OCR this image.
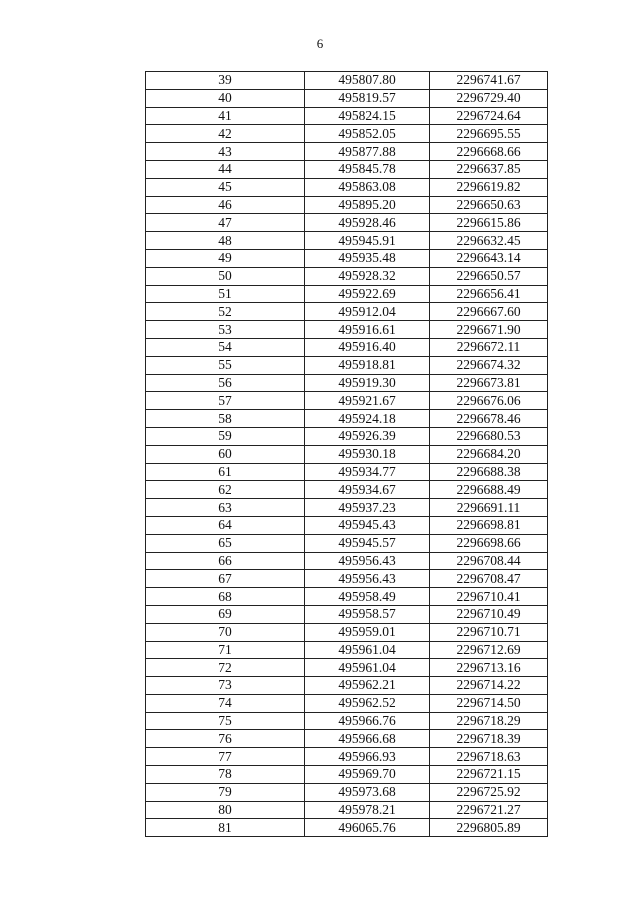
6
39	495807.80	2296741.67
40	495819.57	2296729.40
41	495824.15	2296724.64
42	495852.05	2296695.55
43	495877.88	2296668.66
44	495845.78	2296637.85
45	495863.08	2296619.82
46	495895.20	2296650.63
47	495928.46	2296615.86
48	495945.91	2296632.45
49	495935.48	2296643.14
50	495928.32	2296650.57
51	495922.69	2296656.41
52	495912.04	2296667.60
53	495916.61	2296671.90
54	495916.40	2296672.11
55	495918.81	2296674.32
56	495919.30	2296673.81
57	495921.67	2296676.06
58	495924.18	2296678.46
59	495926.39	2296680.53
60	495930.18	2296684.20
61	495934.77	2296688.38
62	495934.67	2296688.49
63	495937.23	2296691.11
64	495945.43	2296698.81
65	495945.57	2296698.66
66	495956.43	2296708.44
67	495956.43	2296708.47
68	495958.49	2296710.41
69	495958.57	2296710.49
70	495959.01	2296710.71
71	495961.04	2296712.69
72	495961.04	2296713.16
73	495962.21	2296714.22
74	495962.52	2296714.50
75	495966.76	2296718.29
76	495966.68	2296718.39
77	495966.93	2296718.63
78	495969.70	2296721.15
79	495973.68	2296725.92
80	495978.21	2296721.27
81	496065.76	2296805.89
